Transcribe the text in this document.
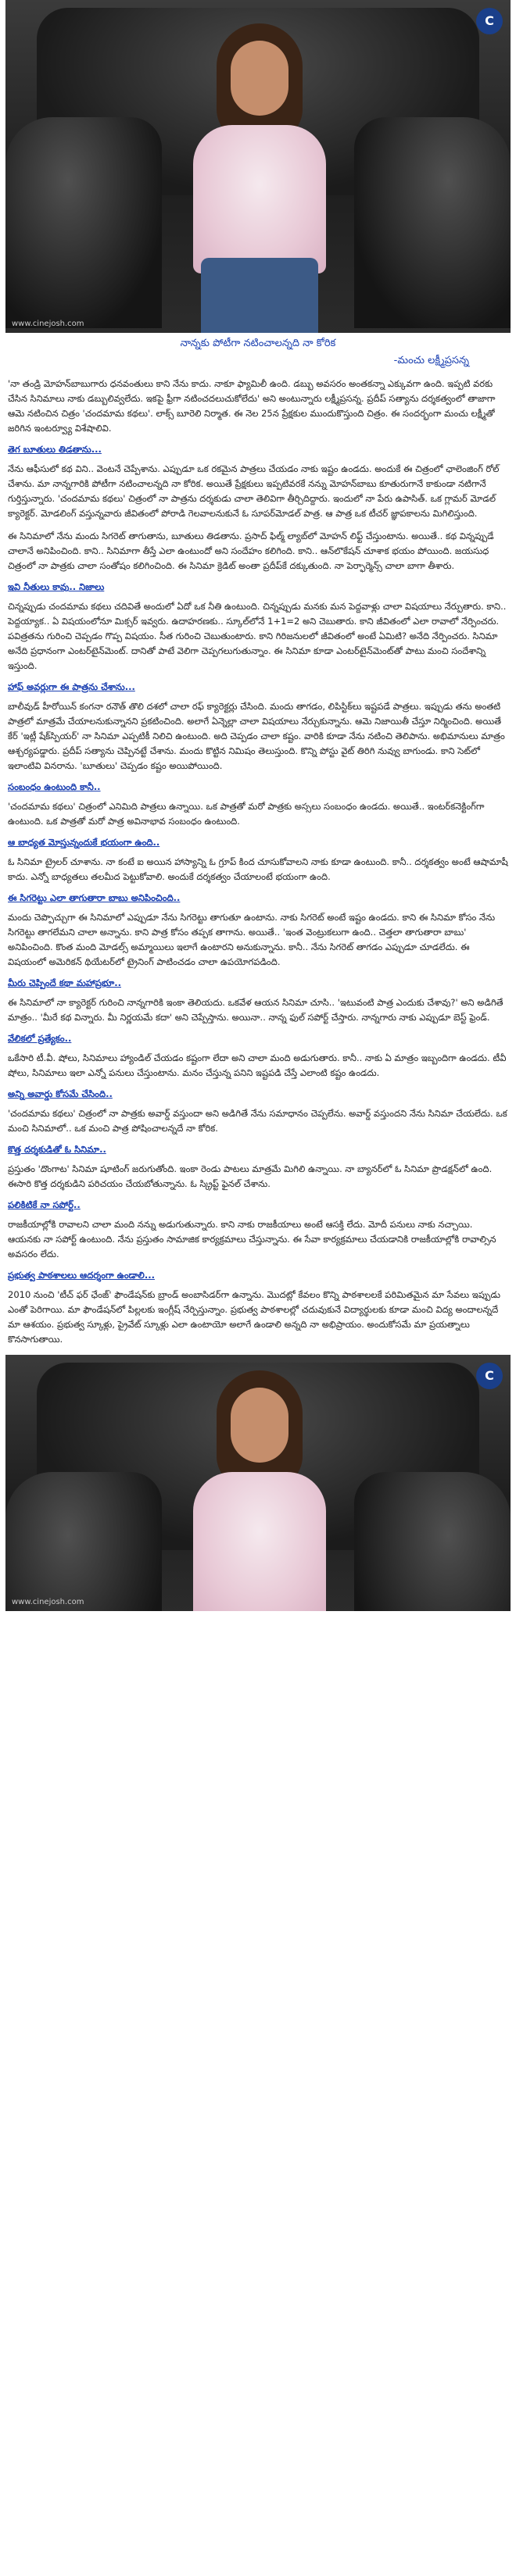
C
www.cinejosh.com
నాన్నకు పోటీగా నటించాలన్నది నా కోరిక
-మంచు లక్ష్మీప్రసన్న

'నా తండ్రి మోహన్‌బాబుగారు ధనవంతులు కాని నేను కాదు. నాకూ ఫ్యామిలీ ఉంది. డబ్బు అవసరం అంతకన్నా ఎక్కువగా ఉంది. ఇప్పటి వరకు చేసిన సినిమాలు నాకు డబ్బులివ్వలేదు. ఇకపై ఫ్రీగా నటించదలుచుకోలేదు' అని అంటున్నారు లక్ష్మీప్రసన్న. ప్రదీప్ సత్యాను దర్శకత్వంలో తాజాగా ఆమె నటించిన చిత్రం 'చందమామ కథలు'. లాక్స్ బూరెలి నిర్మాత. ఈ నెల 25న ప్రేక్షకుల ముందుకొస్తుంది చిత్రం. ఈ సందర్భంగా మంచు లక్ష్మీతో జరిగిన ఇంటర్వ్యూ విశేషాలివి.

తెగ బూతులు తిడతాను...

నేను ఆఫీసులో కథ విని.. వెంటనే చెప్పేశాను. ఎప్పుడూ ఒక రకమైన పాత్రలు చేయడం నాకు ఇష్టం ఉండదు. అందుకే ఈ చిత్రంలో ఛాలెంజింగ్ రోల్ చేశాను. మా నాన్నగారికి పోటీగా నటించాలన్నది నా కోరిక. అయితే ప్రేక్షకులు ఇప్పటివరకే నన్ను మోహన్‌బాబు కూతురుగానే కాకుండా నటిగానే గుర్తిస్తున్నారు. 'చందమామ కథలు' చిత్రంలో నా పాత్రను దర్శకుడు చాలా తెలివిగా తీర్చిదిద్దారు. ఇందులో నా పేరు ఉపాసిత్. ఒక గ్లామర్ మోడల్ క్యారెక్టర్. మోడలింగ్ వస్తున్నవారు జీవితంలో పోరాడి గెలవాలనుకునే ఓ సూపర్‌మోడల్ పాత్ర. ఆ పాత్ర ఒక టీచర్ జ్ఞాపకాలను మిగిలిస్తుంది.

ఈ సినిమాలో నేను మందు సిగరెట్ తాగుతాను, బూతులు తిడతాను. ప్రసాద్ ఫిల్మ్ ల్యాబ్‌లో మోహన్ లిఫ్ట్ చేస్తుంటాను. అయితే.. కథ విన్నప్పుడే చాలానే అనిపించింది. కాని.. సినిమాగా తీస్తే ఎలా ఉంటుందో అని సందేహం కలిగింది. కాని.. ఆన్‌లొకేషన్ చూశాక భయం పోయింది. జయసుధ చిత్రంలో నా పాత్రకు చాలా సంతోషం కలిగించింది. ఈ సినిమా క్రెడిట్ అంతా ప్రదీప్‌కే దక్కుతుంది. నా పెర్ఫార్మెన్స్ చాలా బాగా తీశారు.

ఇవి నీతులు కావు.. నిజాలు

చిన్నప్పుడు చందమామ కథలు చదివితే అందులో ఏదో ఒక నీతి ఉంటుంది. చిన్నప్పుడు మనకు మన పెద్దవాళ్లు చాలా విషయాలు నేర్పుతారు. కాని.. పెద్దయ్యాక.. ఏ విషయంలోనూ మిక్సర్ ఇవ్వరు. ఉదాహరణకు.. స్కూల్‌లోనే 1+1=2 అని చెబుతారు. కాని జీవితంలో ఎలా రావాలో నేర్పించరు. పవిత్రతను గురించి చెప్పడం గొప్ప విషయం. సీత గురించి చెబుతుంటారు. కాని గిరిజనులలో జీవితంలో అంటే ఏమిటి? అనేది నేర్పించరు. సినిమా అనేది ప్రధానంగా ఎంటర్‌టైన్‌మెంట్. దానితో పాటే వెలిగా చెప్పగలుగుతున్నాం. ఈ సినిమా కూడా ఎంటర్‌టైన్‌మెంట్‌తో పాటు మంచి సందేశాన్ని ఇస్తుంది.

హాఫ్ అవర్లుగా ఈ పాత్రను చేశాను...

బాలీవుడ్ హీరోయిన్ కంగనా రనౌత్ తొలి దశలో చాలా రఫ్ క్యారెక్టర్లు చేసింది. మందు తాగడం, లిపిస్టిక్‌లు ఇష్టపడే పాత్రలు. ఇప్పుడు తను అంతటి పాత్రలో మాత్రమే చేయాలనుకున్నానని ప్రకటించింది. అలాగే ఏన్నెల్లా చాలా విషయాలు నేర్చుకున్నాను. ఆమె నిజాయితీ చేస్తూ నిర్మించింది. అయితే కేర్ 'ఇట్లీ షేక్‌స్పియర్' నా సినిమా ఎప్పటికీ నిలిచి ఉంటుంది. అది చెప్పడం చాలా కష్టం. వారికి కూడా నేను నటించి తెలిపాను. అభిమానులు మాత్రం ఆశ్చర్యపడ్డారు. ప్రదీప్ సత్యాను చెప్పినట్టే చేశాను. మందు కొట్టిన నిమిషం తెలుస్తుంది. కొన్ని పోస్టు వైట్ తిరిగి నువ్వు బాగుండు. కాని సెట్‌లో ఇలాంటివి వినరాను. 'బూతులు' చెప్పడం కష్టం అయిపోయింది.

సంబంధం ఉంటుంది కానీ..

'చందమామ కథలు' చిత్రంలో ఎనిమిది పాత్రలు ఉన్నాయి. ఒక పాత్రతో మరో పాత్రకు అస్సలు సంబంధం ఉండదు. అయితే.. ఇంటర్‌కనెక్టింగ్‌గా ఉంటుంది. ఒక పాత్రతో మరో పాత్ర అవినాభావ సంబంధం ఉంటుంది.

ఆ బాధ్యత మోస్తున్నందుకే భయంగా ఉంది..

ఓ సినిమా ట్రైలర్ చూశాను. నా కంటే ఐ అయిన హాస్యాన్ని ఓ గ్రూప్ కింద చూసుకోవాలని నాకు కూడా ఉంటుంది. కానీ.. దర్శకత్వం అంటే ఆషామాషీ కాదు. ఎన్నో బాధ్యతలు తలమీద పెట్టుకోవాలి. అందుకే దర్శకత్వం చేయాలంటే భయంగా ఉంది.

ఈ సిగరెట్టు ఎలా తాగుతారా బాబు అనిపించింది..

మందు చెప్పొచ్చుగా ఈ సినిమాలో ఎప్పుడూ నేను సిగరెట్టు తాగుతూ ఉంటాను. నాకు సిగరెట్ అంటే ఇష్టం ఉండదు. కాని ఈ సినిమా కోసం నేను సిగరెట్టు తాగలేమని చాలా అన్నాను. కాని పాత్ర కోసం తప్పక తాగాను. అయితే.. 'ఇంత వెంట్రుకలుగా ఉంది.. చెత్తలా తాగుతారా బాబు' అనిపించింది. కొంత మంది మోడల్స్‌ అమ్మాయిలు ఇలాగే ఉంటారని అనుకున్నాను. కానీ.. నేను సిగరెట్ తాగడం ఎప్పుడూ చూడలేదు. ఈ విషయంలో అమెరికన్ థియేటర్‌లో ట్రైనింగ్ పాటించడం చాలా ఉపయోగపడింది.

మీరు చెప్పిందే కథా మహాప్రభూ..

ఈ సినిమాలో నా క్యారెక్టర్ గురించి నాన్నగారికి ఇంకా తెలియదు. ఒకవేళ ఆయన సినిమా చూసి.. 'ఇటువంటి పాత్ర ఎందుకు చేశావు?' అని అడిగితే మాత్రం.. 'మీరే కథ విన్నారు. మీ నిర్ణయమే కదా' అని చెప్పేస్తాను. అయినా.. నాన్న ఫుల్ సపోర్ట్ చేస్తారు. నాన్నగారు నాకు ఎప్పుడూ బెస్ట్ ఫ్రెండ్.

వేలికలో ప్రత్యేకం..

ఒకేసారి టీ.వీ. షోలు, సినిమాలు హ్యాండిల్ చేయడం కష్టంగా లేదా అని చాలా మంది అడుగుతారు. కానీ.. నాకు ఏ మాత్రం ఇబ్బందిగా ఉండదు. టీవీ షోలు, సినిమాలు ఇలా ఎన్నో పనులు చేస్తుంటాను. మనం చేస్తున్న పనిని ఇష్టపడి చేస్తే ఎలాంటి కష్టం ఉండదు.

అన్ని అవార్డు కోసమే చేసింది..

'చందమామ కథలు' చిత్రంలో నా పాత్రకు అవార్డ్ వస్తుందా అని అడిగితే నేను సమాధానం చెప్పలేను. అవార్డ్ వస్తుందని నేను సినిమా చేయలేదు. ఒక మంచి సినిమాలో.. ఒక మంచి పాత్ర పోషించాలన్నదే నా కోరిక.

కొత్త దర్శకుడితో ఓ సినిమా..

ప్రస్తుతం 'దొంగాట' సినిమా షూటింగ్ జరుగుతోంది. ఇంకా రెండు పాటలు మాత్రమే మిగిలి ఉన్నాయి. నా బ్యానర్‌లో ఓ సినిమా ప్రొడక్షన్‌లో ఉంది. ఈసారి కొత్త దర్శకుడిని పరిచయం చేయబోతున్నాను. ఓ స్క్రిప్ట్ ఫైనల్ చేశాను.

పలికిటికే నా సపోర్ట్..

రాజకీయాల్లోకి రావాలని చాలా మంది నన్ను అడుగుతున్నారు. కాని నాకు రాజకీయాలు అంటే ఆసక్తి లేదు. మోదీ పనులు నాకు నచ్చాయి. ఆయనకు నా సపోర్ట్ ఉంటుంది. నేను ప్రస్తుతం సామాజిక కార్యక్రమాలు చేస్తున్నాను. ఈ సేవా కార్యక్రమాలు చేయడానికి రాజకీయాల్లోకి రావాల్సిన అవసరం లేదు.

ప్రభుత్వ పాఠశాలలు ఆదర్శంగా ఉండాలి...

2010 నుంచి 'టీచ్ ఫర్ ఛేంజ్' ఫౌండేషన్‌కు బ్రాండ్ అంబాసిడర్‌గా ఉన్నాను. మొదట్లో కేవలం కొన్ని పాఠశాలలకే పరిమితమైన మా సేవలు ఇప్పుడు ఎంతో పెరిగాయి. మా ఫౌండేషన్‌లో పిల్లలకు ఇంగ్లీష్ నేర్పిస్తున్నాం. ప్రభుత్వ పాఠశాలల్లో చదువుకునే విద్యార్థులకు కూడా మంచి విద్య అందాలన్నదే మా ఆశయం. ప్రభుత్వ స్కూళ్లు, ప్రైవేట్ స్కూళ్లు ఎలా ఉంటాయో అలాగే ఉండాలి అన్నది నా అభిప్రాయం. అందుకోసమే మా ప్రయత్నాలు కొనసాగుతాయి.

C
www.cinejosh.com
